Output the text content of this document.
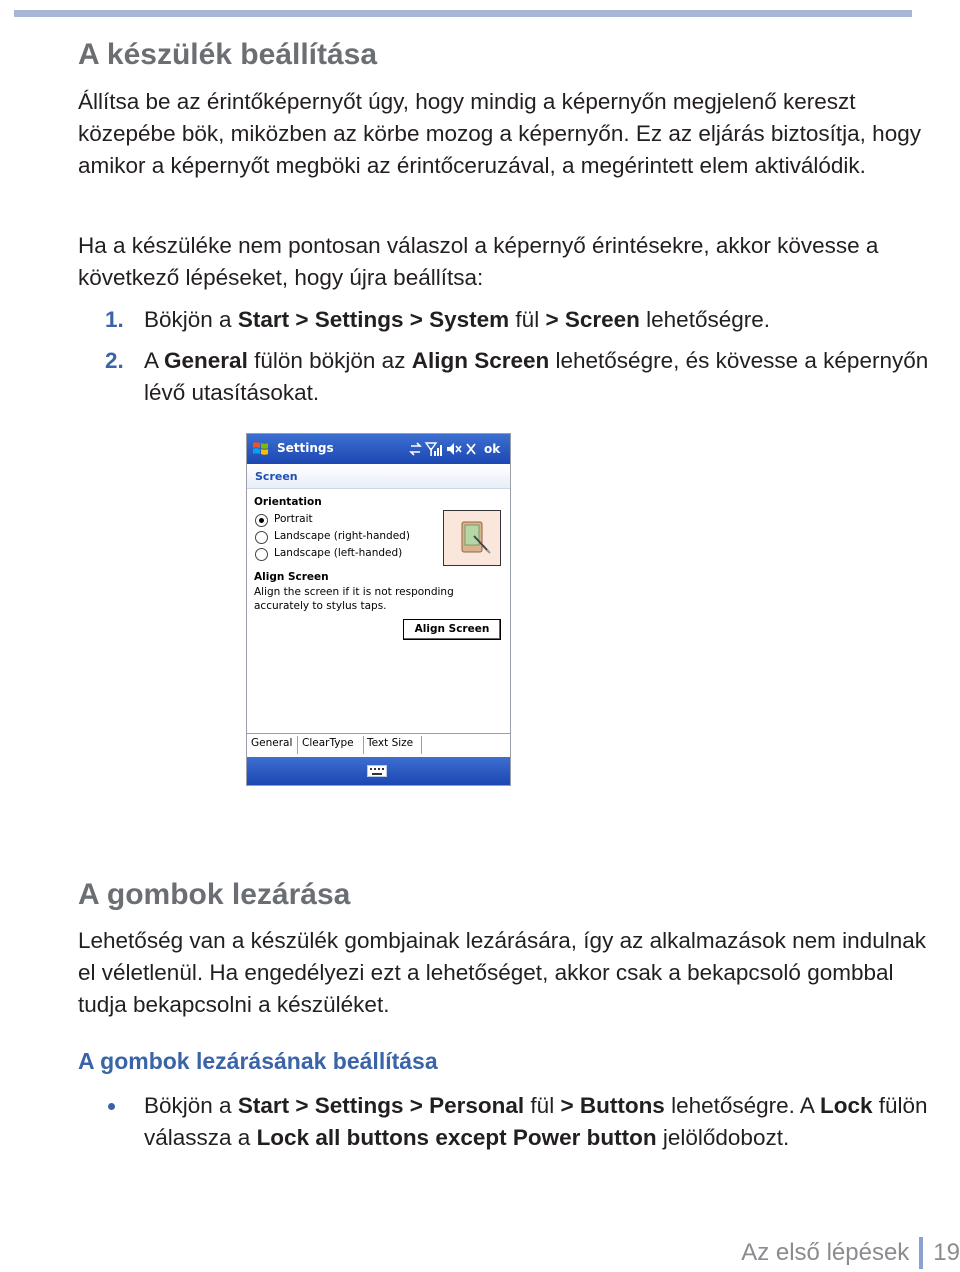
A készülék beállítása

Állítsa be az érintőképernyőt úgy, hogy mindig a képernyőn megjelenő kereszt közepébe bök, miközben az körbe mozog a képernyőn. Ez az eljárás biztosítja, hogy amikor a képernyőt megböki az érintőceruzával, a megérintett elem aktiválódik.

Ha a készüléke nem pontosan válaszol a képernyő érintésekre, akkor kövesse a következő lépéseket, hogy újra beállítsa:

1. Bökjön a Start > Settings > System fül > Screen lehetőségre.
2. A General fülön bökjön az Align Screen lehetőségre, és kövesse a képernyőn lévő utasításokat.
Settings	ok
Screen
Orientation
Portrait
Landscape (right-handed)
Landscape (left-handed)
Align Screen
Align the screen if it is not responding
accurately to stylus taps.
Align Screen
General ClearType Text Size
A gombok lezárása

Lehetőség van a készülék gombjainak lezárására, így az alkalmazások nem indulnak el véletlenül. Ha engedélyezi ezt a lehetőséget, akkor csak a bekapcsoló gombbal tudja bekapcsolni a készüléket.

A gombok lezárásának beállítása
Bökjön a Start > Settings > Personal fül > Buttons lehetőségre. A Lock fülön válassza a Lock all buttons except Power button jelölődobozt.
Az első lépések 19
